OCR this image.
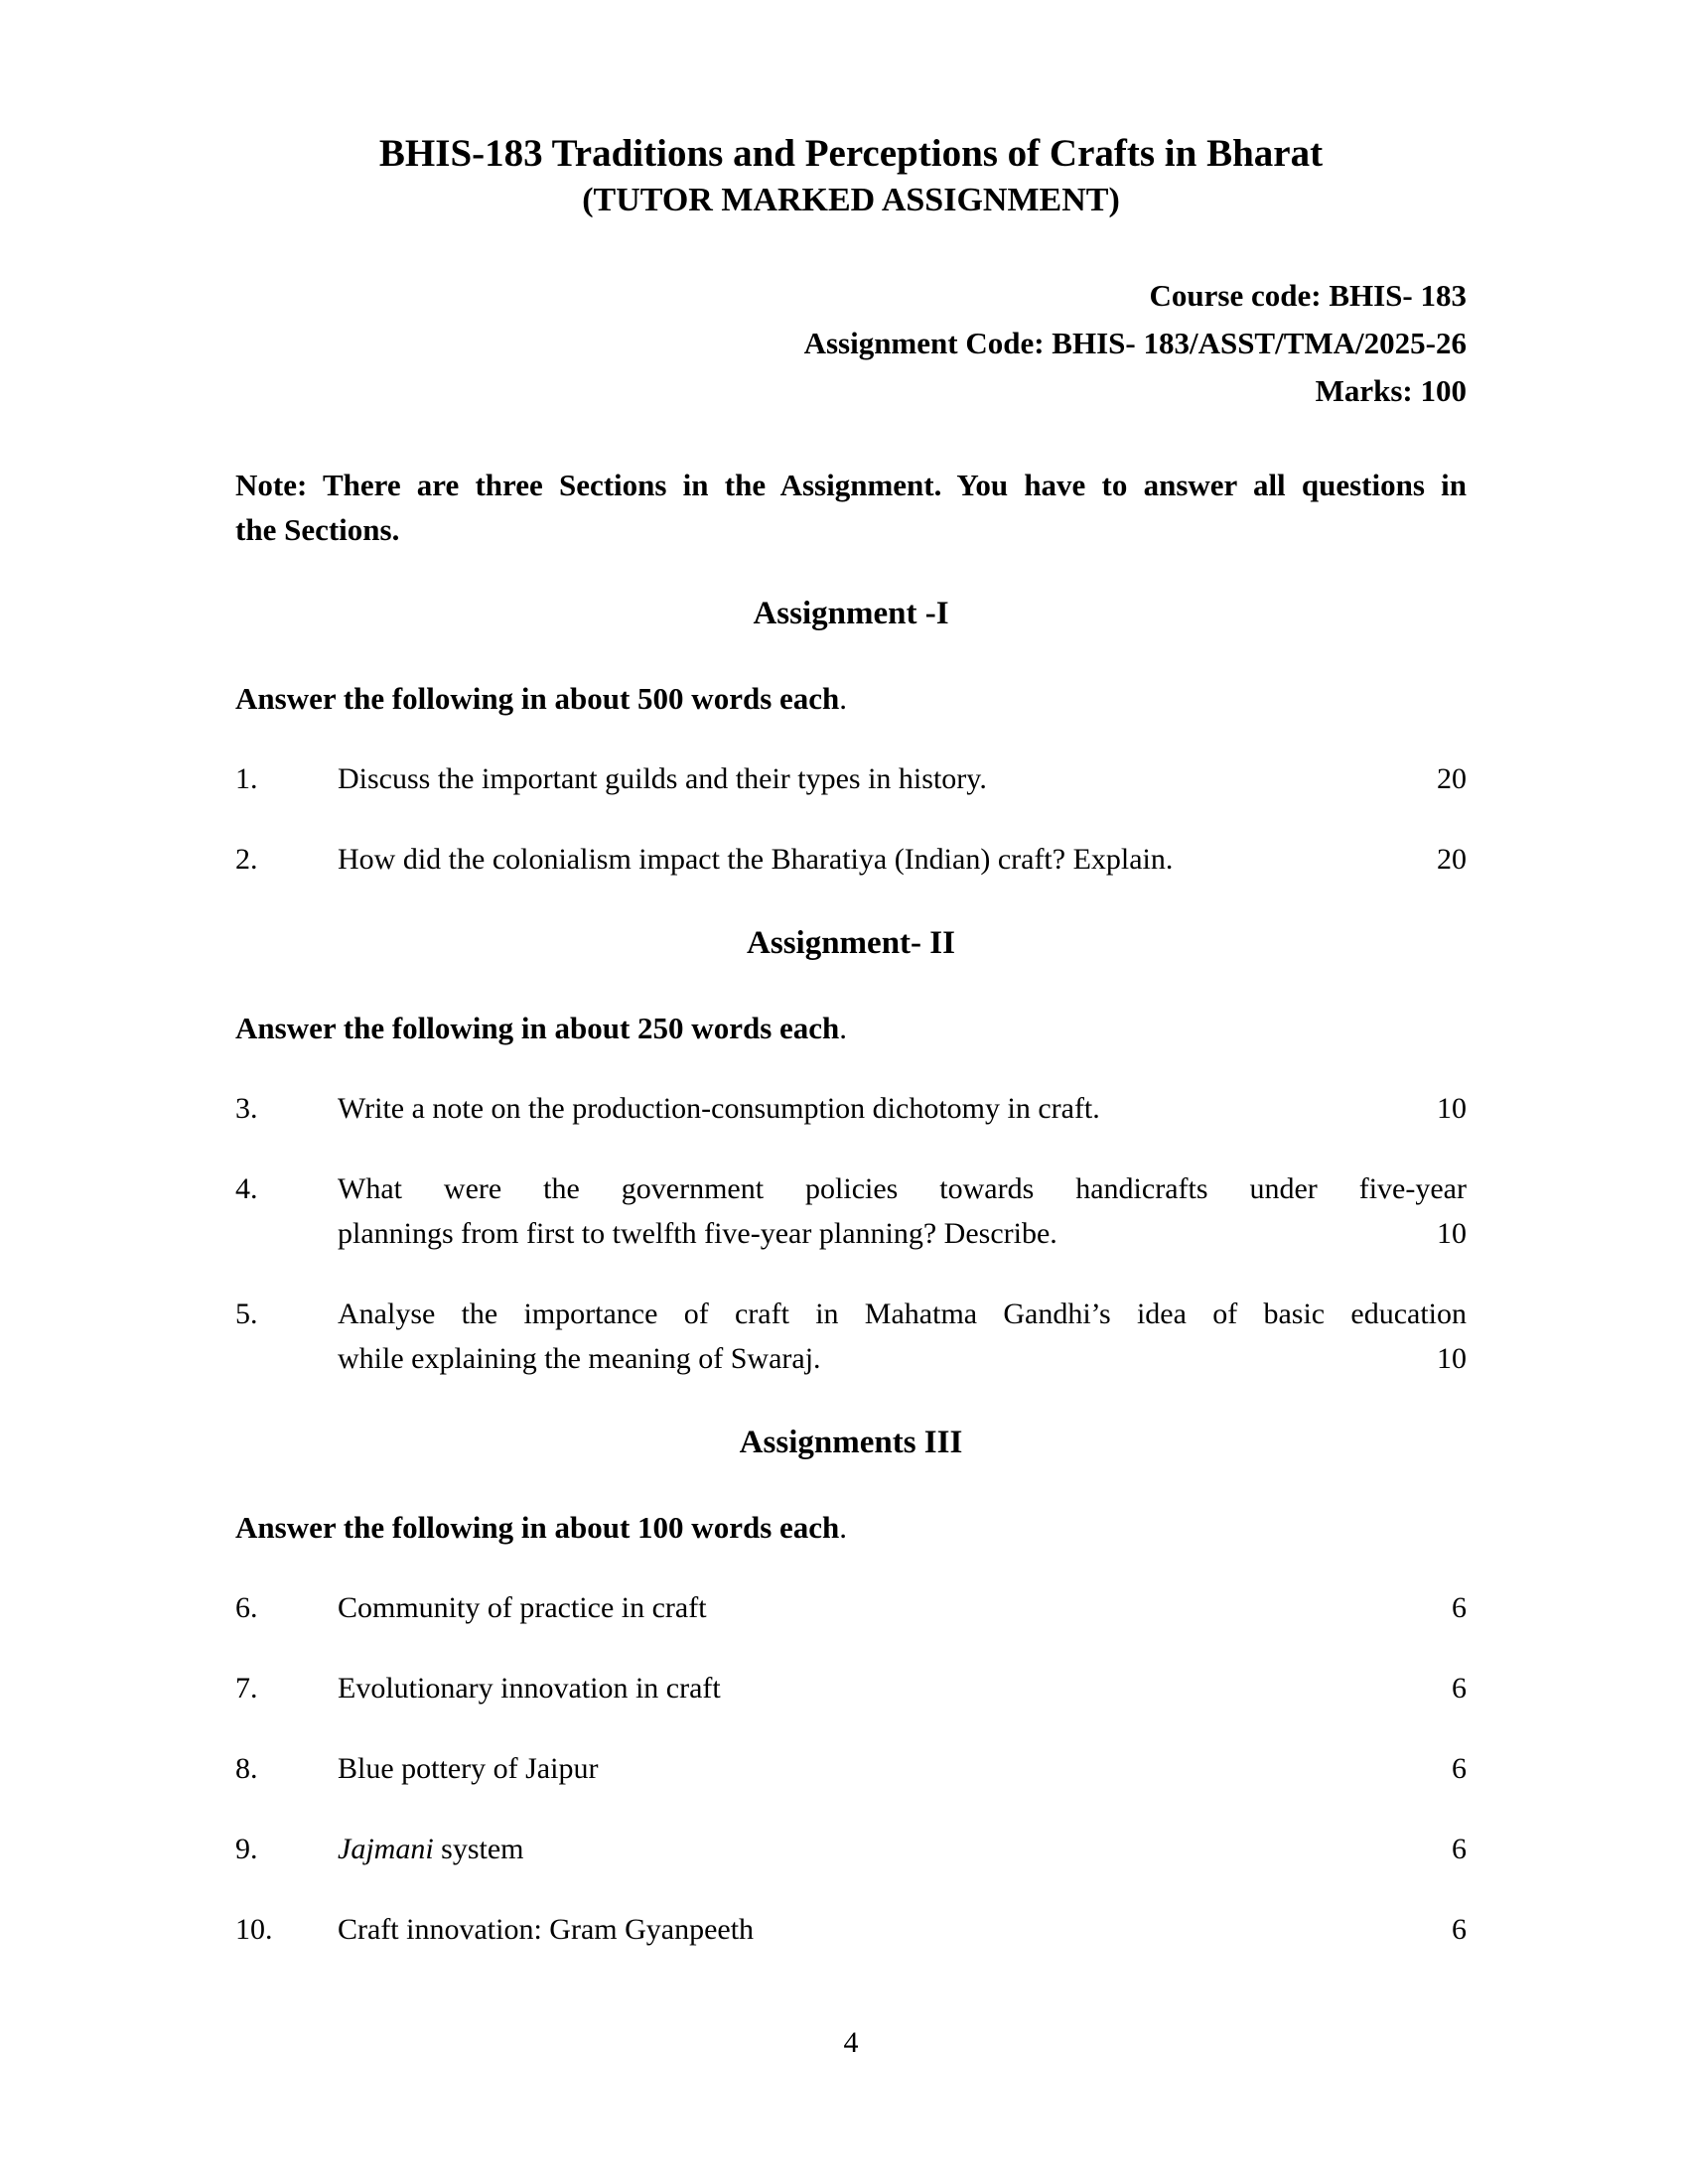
BHIS-183 Traditions and Perceptions of Crafts in Bharat
(TUTOR MARKED ASSIGNMENT)
Course code: BHIS- 183
Assignment Code: BHIS- 183/ASST/TMA/2025-26
Marks: 100
Note: There are three Sections in the Assignment. You have to answer all questions in
the Sections.
Assignment -I
Answer the following in about 500 words each.
1.	Discuss the important guilds and their types in history.	20
2.	How did the colonialism impact the Bharatiya (Indian) craft? Explain.	20
Assignment- II
Answer the following in about 250 words each.
3.	Write a note on the production-consumption dichotomy in craft.	10
4.	What were the government policies towards handicrafts under five-year
plannings from first to twelfth five-year planning? Describe.	10
5.	Analyse the importance of craft in Mahatma Gandhi’s idea of basic education
while explaining the meaning of Swaraj.	10
Assignments III
Answer the following in about 100 words each.
6.	Community of practice in craft	6
7.	Evolutionary innovation in craft	6
8.	Blue pottery of Jaipur	6
9.	Jajmani system	6
10.	Craft innovation: Gram Gyanpeeth	6
4
